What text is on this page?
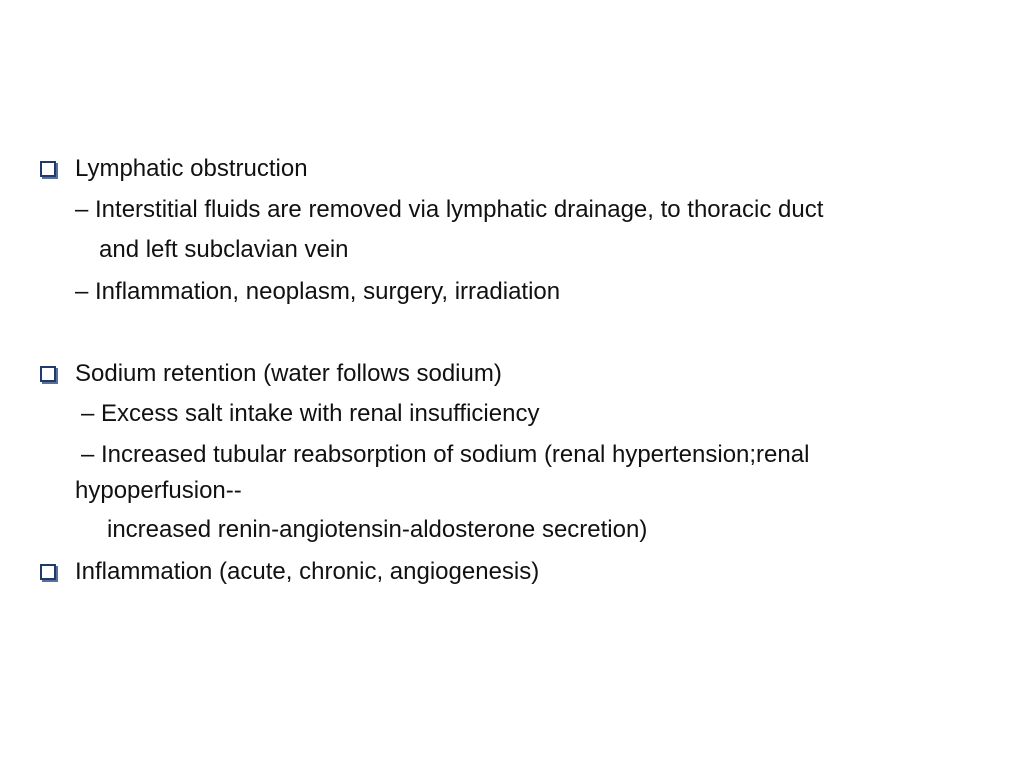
Lymphatic obstruction
– Interstitial fluids are removed via lymphatic drainage, to thoracic duct
and left subclavian vein
– Inflammation, neoplasm, surgery, irradiation
Sodium retention (water follows sodium)
– Excess salt intake with renal insufficiency
– Increased tubular reabsorption of sodium (renal hypertension;renal
hypoperfusion--
increased renin-angiotensin-aldosterone secretion)
Inflammation (acute, chronic, angiogenesis)
